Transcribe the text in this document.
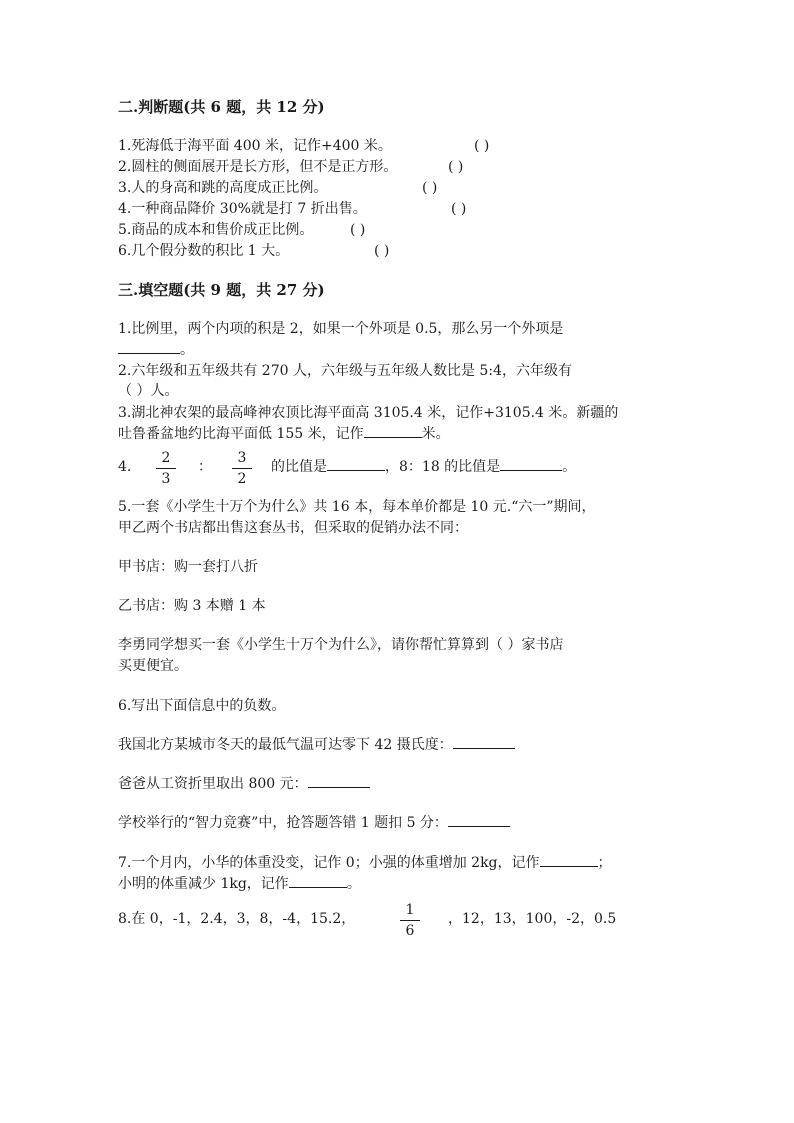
二.判断题(共 6 题，共 12 分)
1.死海低于海平面 400 米，记作+400 米。	( )
2.圆柱的侧面展开是长方形，但不是正方形。	( )
3.人的身高和跳的高度成正比例。	( )
4.一种商品降价 30%就是打 7 折出售。	( )
5.商品的成本和售价成正比例。	( )
6.几个假分数的积比 1 大。	( )
三.填空题(共 9 题，共 27 分)
1.比例里，两个内项的积是 2，如果一个外项是 0.5，那么另一个外项是
。
2.六年级和五年级共有 270 人，六年级与五年级人数比是 5:4，六年级有
（ ）人。
3.湖北神农架的最高峰神农顶比海平面高 3105.4 米，记作+3105.4 米。新疆的
吐鲁番盆地约比海平面低 155 米，记作	米。
4.
2
3
：
3
2
的比值是	，8：18 的比值是	。
5.一套《小学生十万个为什么》共 16 本，每本单价都是 10 元.“六一”期间，
甲乙两个书店都出售这套丛书，但采取的促销办法不同：
甲书店：购一套打八折
乙书店：购 3 本赠 1 本
李勇同学想买一套《小学生十万个为什么》，请你帮忙算算到（ ）家书店
买更便宜。
6.写出下面信息中的负数。
我国北方某城市冬天的最低气温可达零下 42 摄氏度：
爸爸从工资折里取出 800 元：
学校举行的“智力竞赛”中，抢答题答错 1 题扣 5 分：
7.一个月内，小华的体重没变，记作 0；小强的体重增加 2kg，记作	；
小明的体重减少 1kg，记作	。
8.在 0，-1，2.4，3，8，-4，15.2，
1
6
，12，13，100，-2，0.5
